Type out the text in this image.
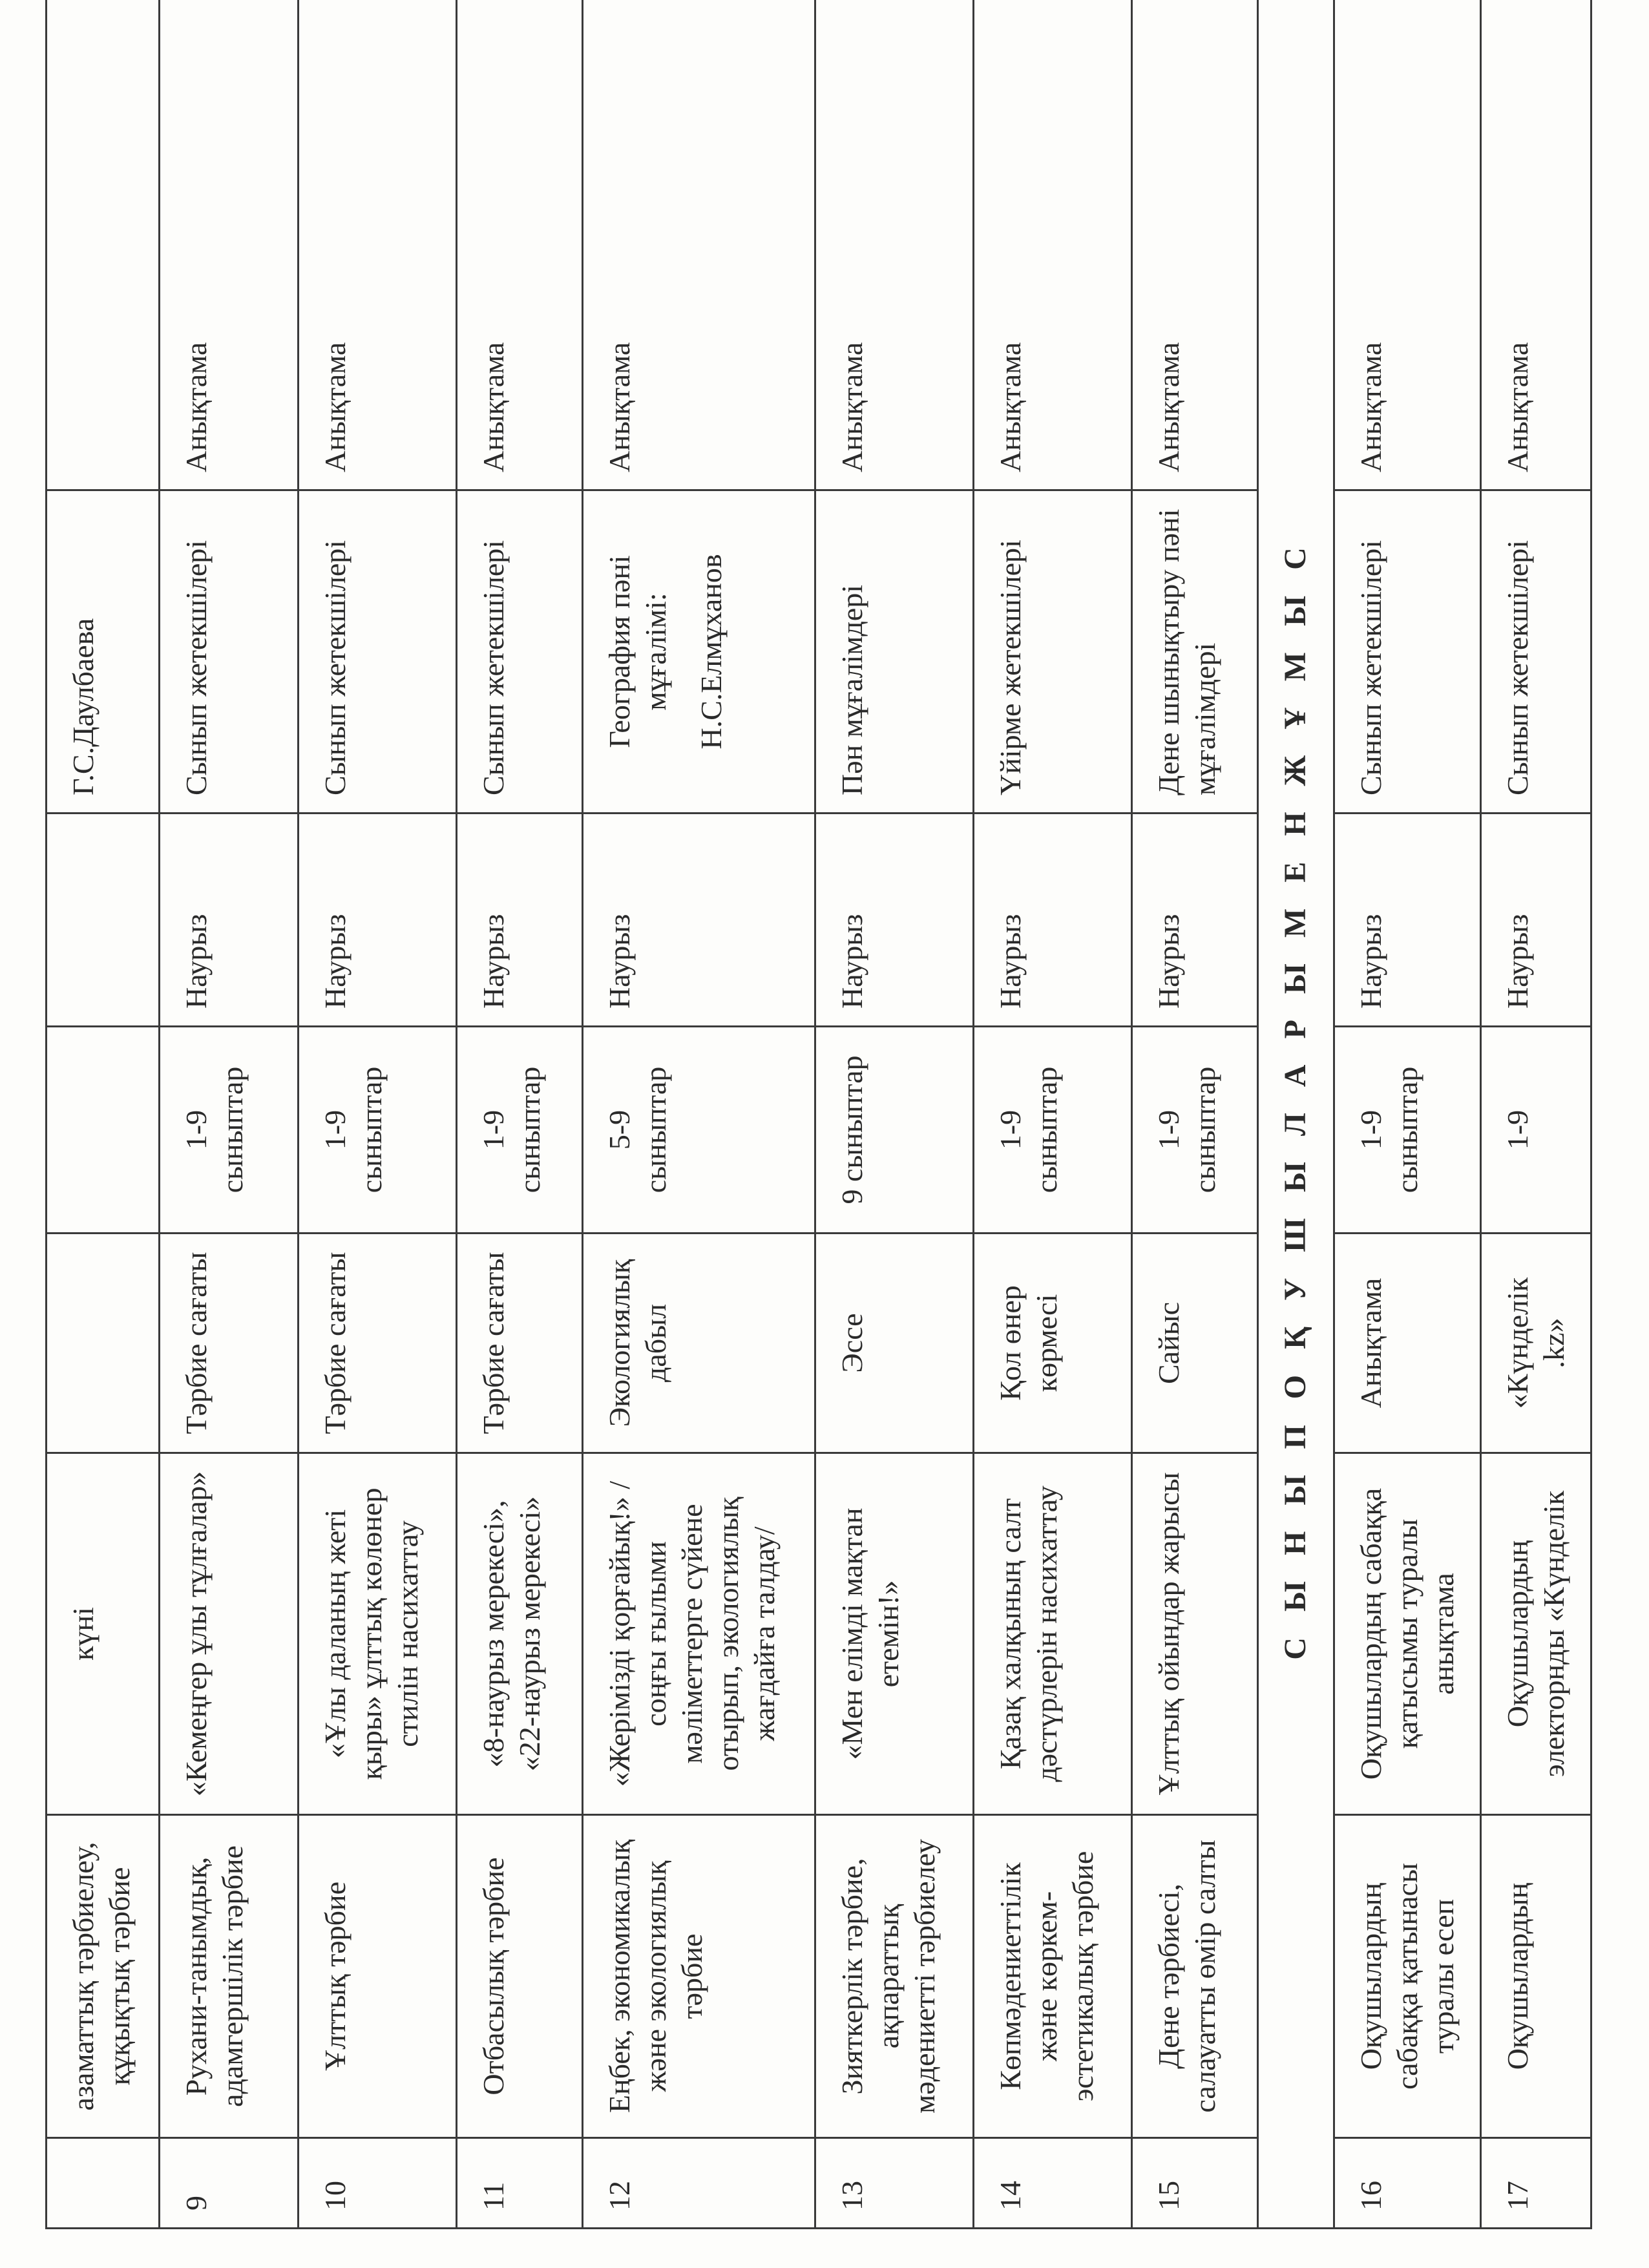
	азаматтық тәрбиелеу, құқықтық тәрбие	күні				Г.С.Даулбаева	
9	Рухани-танымдық, адамгершілік тәрбие	«Кемеңгер ұлы тұлғалар»	Тәрбие сағаты	1-9 сыныптар	Наурыз	Сынып жетекшілері	Анықтама
10	Ұлттық тәрбие	«Ұлы даланың жеті қыры» ұлттық көлөнер стилін насихаттау	Тәрбие сағаты	1-9 сыныптар	Наурыз	Сынып жетекшілері	Анықтама
11	Отбасылық тәрбие	«8-наурыз мерекесі», «22-наурыз мерекесі»	Тәрбие сағаты	1-9 сыныптар	Наурыз	Сынып жетекшілері	Анықтама
12	Еңбек, экономикалық және экологиялық тәрбие	«Жерімізді қорғайық!» /соңғы ғылыми мәліметтерге сүйене отырып, экологиялық жағдайға талдау/	Экологиялық дабыл	5-9 сыныптар	Наурыз	География пәні мұғалімі: Н.С.Елмұханов	Анықтама
13	Зияткерлік тәрбие, ақпараттық мәдениетті тәрбиелеу	«Мен елімді мақтан етемін!»	Эссе	9 сыныптар	Наурыз	Пән мұғалімдері	Анықтама
14	Көпмәдениеттілік және көркем-эстетикалық тәрбие	Қазақ халқының салт дәстүрлерін насихаттау	Қол өнер көрмесі	1-9 сыныптар	Наурыз	Үйірме жетекшілері	Анықтама
15	Дене тәрбиесі, салауатты өмір салты	Ұлттық ойындар жарысы	Сайыс	1-9 сыныптар	Наурыз	Дене шынықтыру пәні мұғалімдері	Анықтама
С Ы Н Ы П О Қ У Ш Ы Л А Р Ы М Е Н Ж Ұ М Ы С							
16	Оқушылардың сабаққа қатынасы туралы есеп	Оқушылардың сабаққа қатысымы туралы анықтама	Анықтама	1-9 сыныптар	Наурыз	Сынып жетекшілері	Анықтама
17	Оқушылардың	Оқушылардың электорнды «Күнделік	«Күнделік .kz»	1-9	Наурыз	Сынып жетекшілері	Анықтама
